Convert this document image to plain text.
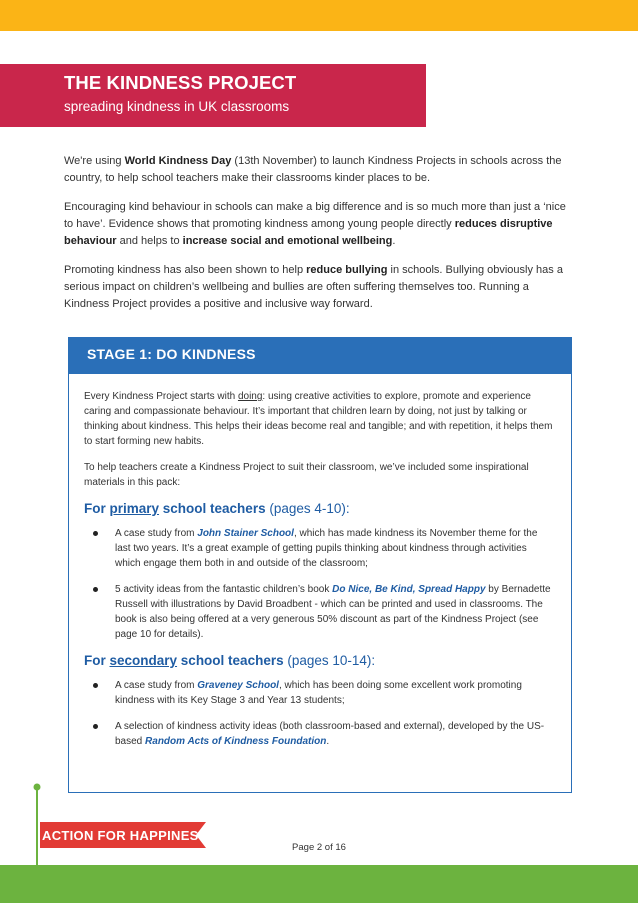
THE KINDNESS PROJECT
spreading kindness in UK classrooms

We're using World Kindness Day (13th November) to launch Kindness Projects in schools across the country, to help school teachers make their classrooms kinder places to be.

Encouraging kind behaviour in schools can make a big difference and is so much more than just a ‘nice to have’. Evidence shows that promoting kindness among young people directly reduces disruptive behaviour and helps to increase social and emotional wellbeing.

Promoting kindness has also been shown to help reduce bullying in schools. Bullying obviously has a serious impact on children’s wellbeing and bullies are often suffering themselves too. Running a Kindness Project provides a positive and inclusive way forward.

STAGE 1: DO KINDNESS

Every Kindness Project starts with doing: using creative activities to explore, promote and experience caring and compassionate behaviour. It’s important that children learn by doing, not just by talking or thinking about kindness. This helps their ideas become real and tangible; and with repetition, it helps them to start forming new habits.

To help teachers create a Kindness Project to suit their classroom, we’ve included some inspirational materials in this pack:

For primary school teachers (pages 4-10):
A case study from John Stainer School, which has made kindness its November theme for the last two years. It’s a great example of getting pupils thinking about kindness through activities which engage them both in and outside of the classroom;
5 activity ideas from the fantastic children’s book Do Nice, Be Kind, Spread Happy by Bernadette Russell with illustrations by David Broadbent - which can be printed and used in classrooms. The book is also being offered at a very generous 50% discount as part of the Kindness Project (see page 10 for details).
For secondary school teachers (pages 10-14):
A case study from Graveney School, which has been doing some excellent work promoting kindness with its Key Stage 3 and Year 13 students;
A selection of kindness activity ideas (both classroom-based and external), developed by the US-based Random Acts of Kindness Foundation.
ACTION FOR HAPPINESS
Page 2 of 16
